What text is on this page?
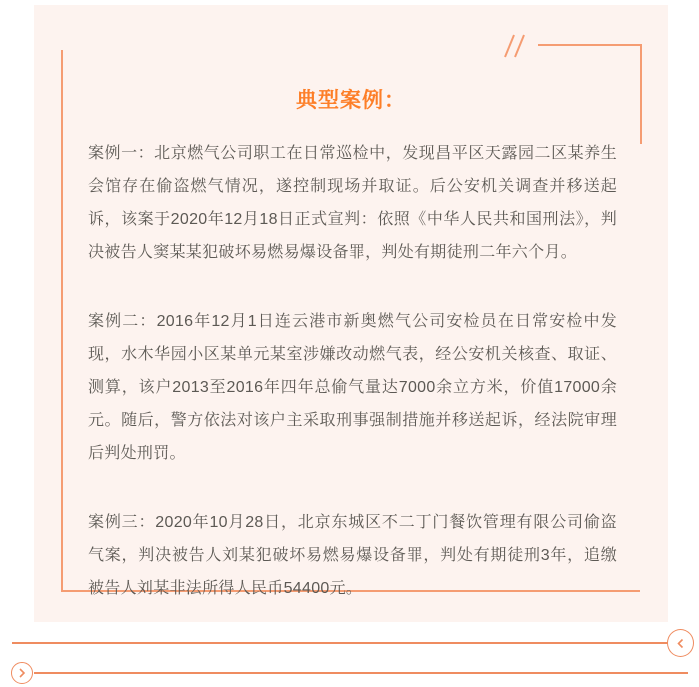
典型案例：

案例一：北京燃气公司职工在日常巡检中，发现昌平区天露园二区某养生会馆存在偷盗燃气情况，遂控制现场并取证。后公安机关调查并移送起诉，该案于2020年12月18日正式宣判：依照《中华人民共和国刑法》，判决被告人窦某某犯破坏易燃易爆设备罪，判处有期徒刑二年六个月。

案例二：2016年12月1日连云港市新奥燃气公司安检员在日常安检中发现，水木华园小区某单元某室涉嫌改动燃气表，经公安机关核查、取证、测算，该户2013至2016年四年总偷气量达7000余立方米，价值17000余元。随后，警方依法对该户主采取刑事强制措施并移送起诉，经法院审理后判处刑罚。

案例三：2020年10月28日，北京东城区不二丁门餐饮管理有限公司偷盗气案，判决被告人刘某犯破坏易燃易爆设备罪，判处有期徒刑3年，追缴被告人刘某非法所得人民币54400元。
